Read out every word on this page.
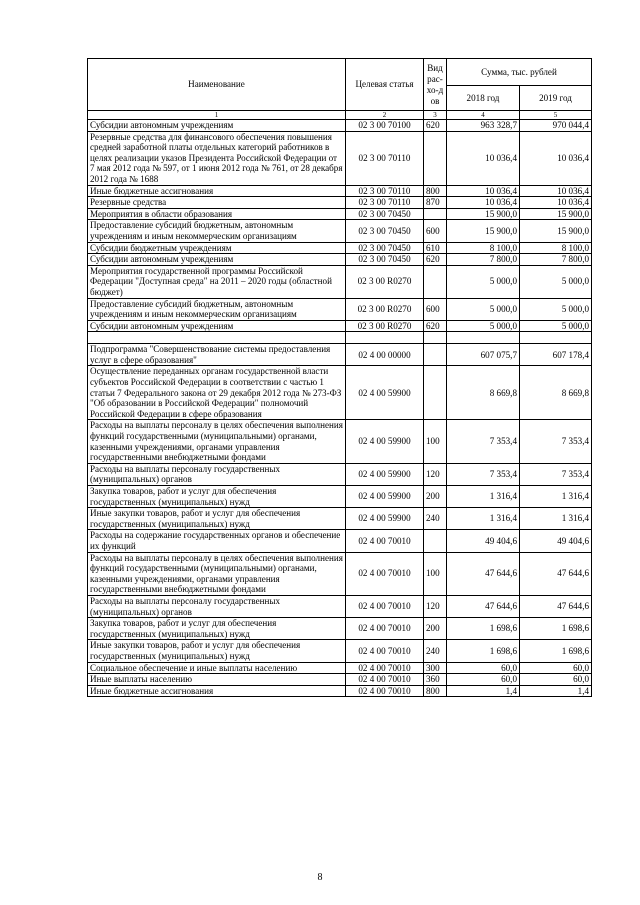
Наименование	Целевая статья	Вид рас-хо-дов	Сумма, тыс. рублей	
			2018 год	2019 год
1	2	3	4	5
Субсидии автономным учреждениям	02 3 00 70100	620	963 328,7	970 044,4
Резервные средства для финансового обеспечения повышения средней заработной платы отдельных категорий работников в целях реализации указов Президента Российской Федерации от 7 мая 2012 года № 597, от 1 июня 2012 года № 761, от 28 декабря 2012 года № 1688	02 3 00 70110		10 036,4	10 036,4
Иные бюджетные ассигнования	02 3 00 70110	800	10 036,4	10 036,4
Резервные средства	02 3 00 70110	870	10 036,4	10 036,4
Мероприятия в области образования	02 3 00 70450		15 900,0	15 900,0
Предоставление субсидий бюджетным, автономным учреждениям и иным некоммерческим организациям	02 3 00 70450	600	15 900,0	15 900,0
Субсидии бюджетным учреждениям	02 3 00 70450	610	8 100,0	8 100,0
Субсидии автономным учреждениям	02 3 00 70450	620	7 800,0	7 800,0
Мероприятия государственной программы Российской Федерации "Доступная среда" на 2011 – 2020 годы (областной бюджет)	02 3 00 R0270		5 000,0	5 000,0
Предоставление субсидий бюджетным, автономным учреждениям и иным некоммерческим организациям	02 3 00 R0270	600	5 000,0	5 000,0
Субсидии автономным учреждениям	02 3 00 R0270	620	5 000,0	5 000,0

Подпрограмма "Совершенствование системы предоставления услуг в сфере образования"	02 4 00 00000		607 075,7	607 178,4
Осуществление переданных органам государственной власти субъектов Российской Федерации в соответствии с частью 1 статьи 7 Федерального закона от 29 декабря 2012 года № 273-ФЗ "Об образовании в Российской Федерации" полномочий Российской Федерации в сфере образования	02 4 00 59900		8 669,8	8 669,8
Расходы на выплаты персоналу в целях обеспечения выполнения функций государственными (муниципальными) органами, казенными учреждениями, органами управления государственными внебюджетными фондами	02 4 00 59900	100	7 353,4	7 353,4
Расходы на выплаты персоналу государственных (муниципальных) органов	02 4 00 59900	120	7 353,4	7 353,4
Закупка товаров, работ и услуг для обеспечения государственных (муниципальных) нужд	02 4 00 59900	200	1 316,4	1 316,4
Иные закупки товаров, работ и услуг для обеспечения государственных (муниципальных) нужд	02 4 00 59900	240	1 316,4	1 316,4
Расходы на содержание государственных органов и обеспечение их функций	02 4 00 70010		49 404,6	49 404,6
Расходы на выплаты персоналу в целях обеспечения выполнения функций государственными (муниципальными) органами, казенными учреждениями, органами управления государственными внебюджетными фондами	02 4 00 70010	100	47 644,6	47 644,6
Расходы на выплаты персоналу государственных (муниципальных) органов	02 4 00 70010	120	47 644,6	47 644,6
Закупка товаров, работ и услуг для обеспечения государственных (муниципальных) нужд	02 4 00 70010	200	1 698,6	1 698,6
Иные закупки товаров, работ и услуг для обеспечения государственных (муниципальных) нужд	02 4 00 70010	240	1 698,6	1 698,6
Социальное обеспечение и иные выплаты населению	02 4 00 70010	300	60,0	60,0
Иные выплаты населению	02 4 00 70010	360	60,0	60,0
Иные бюджетные ассигнования	02 4 00 70010	800	1,4	1,4
8
